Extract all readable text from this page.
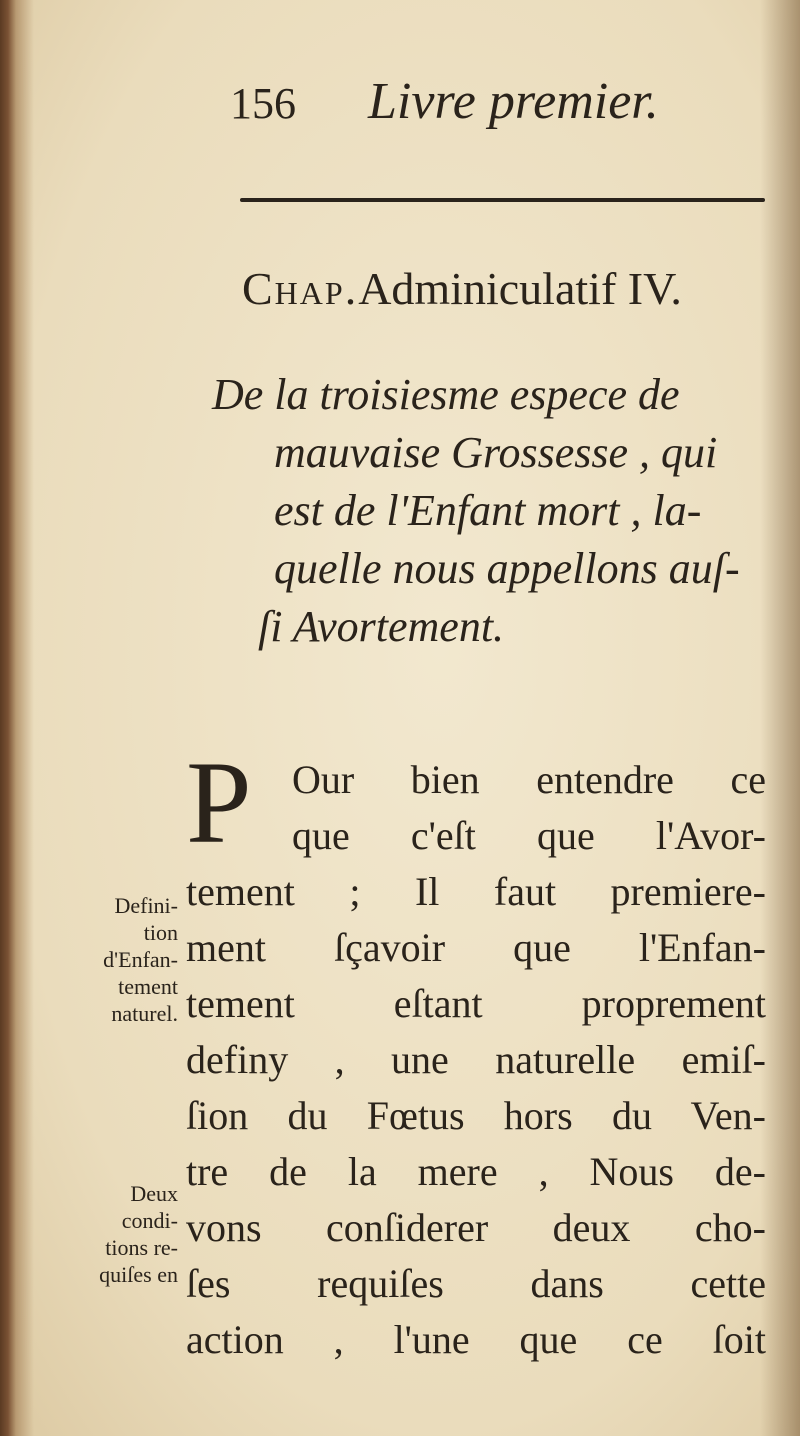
156 Livre premier.
Chap.Adminiculatif IV.
De la troisiesme espece de
mauvaise Grossesse , qui
est de l'Enfant mort , la-
quelle nous appellons auſ-
ſi Avortement.
P	Our bien entendre ce
que c'eſt que l'Avor-
tement ; Il faut premiere-
ment ſçavoir que l'Enfan-
tement eſtant proprement
definy , une naturelle emiſ-
ſion du Fœtus hors du Ven-
tre de la mere , Nous de-
vons conſiderer deux cho-
ſes requiſes dans cette
action , l'une que ce ſoit
Defini-
tion
d'Enfan-
tement
naturel.
Deux
condi-
tions re-
quiſes en
